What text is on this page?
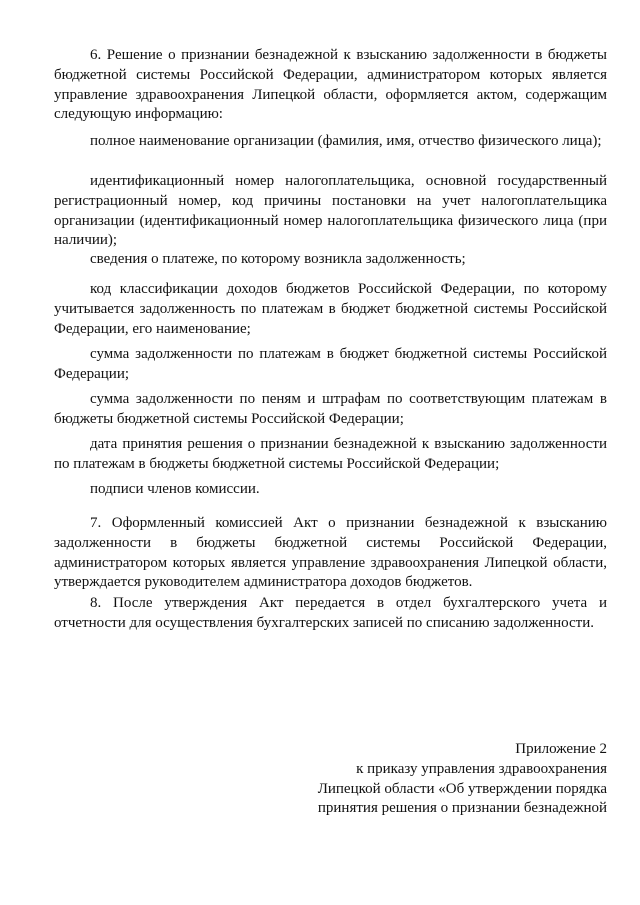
6. Решение о признании безнадежной к взысканию задолженности в бюджеты бюджетной системы Российской Федерации, администратором которых является управление здравоохранения Липецкой области, оформляется актом, содержащим следующую информацию:

полное наименование организации (фамилия, имя, отчество физического лица);

идентификационный номер налогоплательщика, основной государственный регистрационный номер, код причины постановки на учет налогоплательщика организации (идентификационный номер налогоплательщика физического лица (при наличии);

сведения о платеже, по которому возникла задолженность;

код классификации доходов бюджетов Российской Федерации, по которому учитывается задолженность по платежам в бюджет бюджетной системы Российской Федерации, его наименование;

сумма задолженности по платежам в бюджет бюджетной системы Российской Федерации;

сумма задолженности по пеням и штрафам по соответствующим платежам в бюджеты бюджетной системы Российской Федерации;

дата принятия решения о признании безнадежной к взысканию задолженности по платежам в бюджеты бюджетной системы Российской Федерации;

подписи членов комиссии.

7. Оформленный комиссией Акт о признании безнадежной к взысканию задолженности в бюджеты бюджетной системы Российской Федерации, администратором которых является управление здравоохранения Липецкой области, утверждается руководителем администратора доходов бюджетов.

8. После утверждения Акт передается в отдел бухгалтерского учета и отчетности для осуществления бухгалтерских записей по списанию задолженности.

Приложение 2
к приказу управления здравоохранения
Липецкой области «Об утверждении порядка
принятия решения о признании безнадежной
